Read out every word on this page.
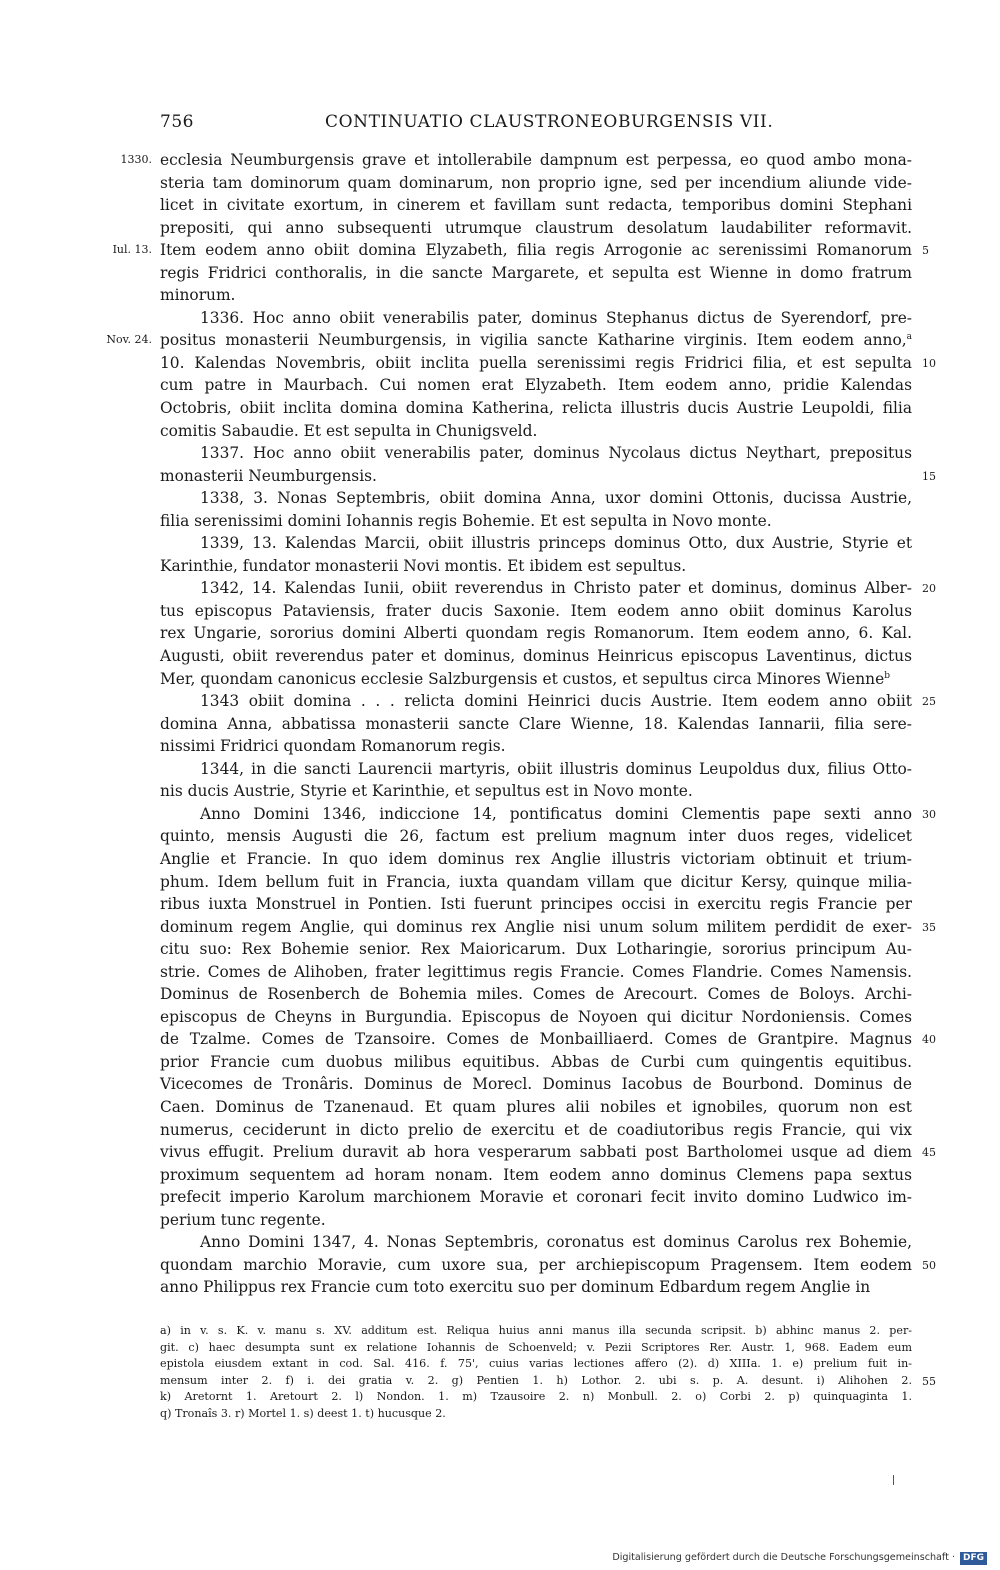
756	CONTINUATIO CLAUSTRONEOBURGENSIS VII.
ecclesia Neumburgensis grave et intollerabile dampnum est perpessa, eo quod ambo mona-
1330.
steria tam dominorum quam dominarum, non proprio igne, sed per incendium aliunde vide-
licet in civitate exortum, in cinerem et favillam sunt redacta, temporibus domini Stephani
prepositi, qui anno subsequenti utrumque claustrum desolatum laudabiliter reformavit.
Item eodem anno obiit domina Elyzabeth, filia regis Arrogonie ac serenissimi Romanorum
Iul. 13.	5
regis Fridrici conthoralis, in die sancte Margarete, et sepulta est Wienne in domo fratrum
minorum.
1336. Hoc anno obiit venerabilis pater, dominus Stephanus dictus de Syerendorf, pre-
positus monasterii Neumburgensis, in vigilia sancte Katharine virginis. Item eodem anno,$^a$
Nov. 24.
10. Kalendas Novembris, obiit inclita puella serenissimi regis Fridrici filia, et est sepulta 10
cum patre in Maurbach. Cui nomen erat Elyzabeth. Item eodem anno, pridie Kalendas
Octobris, obiit inclita domina domina Katherina, relicta illustris ducis Austrie Leupoldi, filia
comitis Sabaudie. Et est sepulta in Chunigsveld.
1337. Hoc anno obiit venerabilis pater, dominus Nycolaus dictus Neythart, prepositus
monasterii Neumburgensis.	15
1338, 3. Nonas Septembris, obiit domina Anna, uxor domini Ottonis, ducissa Austrie,
filia serenissimi domini Iohannis regis Bohemie. Et est sepulta in Novo monte.
1339, 13. Kalendas Marcii, obiit illustris princeps dominus Otto, dux Austrie, Styrie et
Karinthie, fundator monasterii Novi montis. Et ibidem est sepultus.
1342, 14. Kalendas Iunii, obiit reverendus in Christo pater et dominus, dominus Alber- 20
tus episcopus Pataviensis, frater ducis Saxonie. Item eodem anno obiit dominus Karolus
rex Ungarie, sororius domini Alberti quondam regis Romanorum. Item eodem anno, 6. Kal.
Augusti, obiit reverendus pater et dominus, dominus Heinricus episcopus Laventinus, dictus
Mer, quondam canonicus ecclesie Salzburgensis et custos, et sepultus circa Minores Wienne$^b$
1343 obiit domina . . . relicta domini Heinrici ducis Austrie. Item eodem anno obiit 25
domina Anna, abbatissa monasterii sancte Clare Wienne, 18. Kalendas Iannarii, filia sere-
nissimi Fridrici quondam Romanorum regis.
1344, in die sancti Laurencii martyris, obiit illustris dominus Leupoldus dux, filius Otto-
nis ducis Austrie, Styrie et Karinthie, et sepultus est in Novo monte.
Anno Domini 1346, indiccione 14, pontificatus domini Clementis pape sexti anno 30
quinto, mensis Augusti die 26, factum est prelium magnum inter duos reges, videlicet
Anglie et Francie. In quo idem dominus rex Anglie illustris victoriam obtinuit et trium-
phum. Idem bellum fuit in Francia, iuxta quandam villam que dicitur Kersy, quinque milia-
ribus iuxta Monstruel in Pontien. Isti fuerunt principes occisi in exercitu regis Francie per
dominum regem Anglie, qui dominus rex Anglie nisi unum solum militem perdidit de exer- 35
citu suo: Rex Bohemie senior. Rex Maioricarum. Dux Lotharingie, sororius principum Au-
strie. Comes de Alihoben, frater legittimus regis Francie. Comes Flandrie. Comes Namensis.
Dominus de Rosenberch de Bohemia miles. Comes de Arecourt. Comes de Boloys. Archi-
episcopus de Cheyns in Burgundia. Episcopus de Noyoen qui dicitur Nordoniensis. Comes
de Tzalme. Comes de Tzansoire. Comes de Monbailliaerd. Comes de Grantpire. Magnus 40
prior Francie cum duobus milibus equitibus. Abbas de Curbi cum quingentis equitibus.
Vicecomes de Tronâris. Dominus de Morecl. Dominus Iacobus de Bourbond. Dominus de
Caen. Dominus de Tzanenaud. Et quam plures alii nobiles et ignobiles, quorum non est
numerus, ceciderunt in dicto prelio de exercitu et de coadiutoribus regis Francie, qui vix
vivus effugit. Prelium duravit ab hora vesperarum sabbati post Bartholomei usque ad diem 45
proximum sequentem ad horam nonam. Item eodem anno dominus Clemens papa sextus
prefecit imperio Karolum marchionem Moravie et coronari fecit invito domino Ludwico im-
perium tunc regente.
Anno Domini 1347, 4. Nonas Septembris, coronatus est dominus Carolus rex Bohemie,
quondam marchio Moravie, cum uxore sua, per archiepiscopum Pragensem. Item eodem 50
anno Philippus rex Francie cum toto exercitu suo per dominum Edbardum regem Anglie in
a) in v. s. K. v. manu s. XV. additum est. Reliqua huius anni manus illa secunda scripsit. b) abhinc manus 2. per-
git. c) haec desumpta sunt ex relatione Iohannis de Schoenveld; v. Pezii Scriptores Rer. Austr. 1, 968. Eadem eum
epistola eiusdem extant in cod. Sal. 416. f. 75', cuius varias lectiones affero (2). d) XIIIa. 1. e) prelium fuit in-
mensum inter 2. f) i. dei gratia v. 2. g) Pentien 1. h) Lothor. 2. ubi s. p. A. desunt. i) Alihohen 2. 55
k) Aretornt 1. Aretourt 2. l) Nondon. 1. m) Tzausoire 2. n) Monbull. 2. o) Corbi 2. p) quinquaginta 1.
q) Tronaîs 3. r) Mortel 1. s) deest 1. t) hucusque 2.
Digitalisierung gefördert durch die Deutsche Forschungsgemeinschaft · DFG
